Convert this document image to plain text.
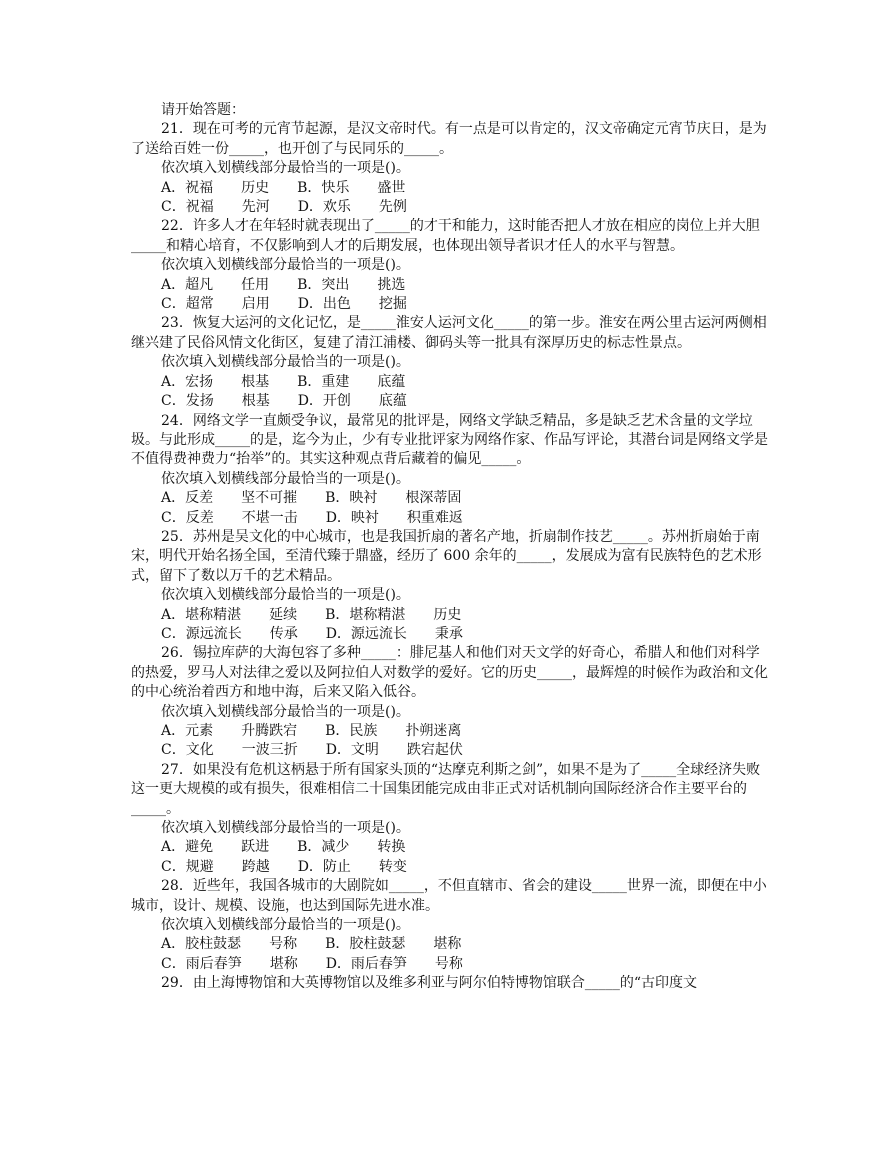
请开始答题：

21．现在可考的元宵节起源，是汉文帝时代。有一点是可以肯定的，汉文帝确定元宵节庆日，是为了送给百姓一份_____，也开创了与民同乐的_____。

依次填入划横线部分最恰当的一项是()。

A．祝福　　历史　　B．快乐　　盛世

C．祝福　　先河　　D．欢乐　　先例

22．许多人才在年轻时就表现出了_____的才干和能力，这时能否把人才放在相应的岗位上并大胆_____和精心培育，不仅影响到人才的后期发展，也体现出领导者识才任人的水平与智慧。

依次填入划横线部分最恰当的一项是()。

A．超凡　　任用　　B．突出　　挑选

C．超常　　启用　　D．出色　　挖掘

23．恢复大运河的文化记忆，是_____淮安人运河文化_____的第一步。淮安在两公里古运河两侧相继兴建了民俗风情文化街区，复建了清江浦楼、御码头等一批具有深厚历史的标志性景点。

依次填入划横线部分最恰当的一项是()。

A．宏扬　　根基　　B．重建　　底蕴

C．发扬　　根基　　D．开创　　底蕴

24．网络文学一直颇受争议，最常见的批评是，网络文学缺乏精品，多是缺乏艺术含量的文学垃圾。与此形成_____的是，迄今为止，少有专业批评家为网络作家、作品写评论，其潜台词是网络文学是不值得费神费力“抬举”的。其实这种观点背后藏着的偏见_____。

依次填入划横线部分最恰当的一项是()。

A．反差　　坚不可摧　　B．映衬　　根深蒂固

C．反差　　不堪一击　　D．映衬　　积重难返

25．苏州是吴文化的中心城市，也是我国折扇的著名产地，折扇制作技艺_____。苏州折扇始于南宋，明代开始名扬全国，至清代臻于鼎盛，经历了 600 余年的_____，发展成为富有民族特色的艺术形式，留下了数以万千的艺术精品。

依次填入划横线部分最恰当的一项是()。

A．堪称精湛　　延续　　B．堪称精湛　　历史

C．源远流长　　传承　　D．源远流长　　秉承

26．锡拉库萨的大海包容了多种_____：腓尼基人和他们对天文学的好奇心，希腊人和他们对科学的热爱，罗马人对法律之爱以及阿拉伯人对数学的爱好。它的历史_____，最辉煌的时候作为政治和文化的中心统治着西方和地中海，后来又陷入低谷。

依次填入划横线部分最恰当的一项是()。

A．元素　　升腾跌宕　　B．民族　　扑朔迷离

C．文化　　一波三折　　D．文明　　跌宕起伏

27．如果没有危机这柄悬于所有国家头顶的“达摩克利斯之剑”，如果不是为了_____全球经济失败这一更大规模的或有损失，很难相信二十国集团能完成由非正式对话机制向国际经济合作主要平台的_____。

依次填入划横线部分最恰当的一项是()。

A．避免　　跃进　　B．减少　　转换

C．规避　　跨越　　D．防止　　转变

28．近些年，我国各城市的大剧院如_____，不但直辖市、省会的建设_____世界一流，即便在中小城市，设计、规模、设施，也达到国际先进水准。

依次填入划横线部分最恰当的一项是()。

A．胶柱鼓瑟　　号称　　B．胶柱鼓瑟　　堪称

C．雨后春笋　　堪称　　D．雨后春笋　　号称

29．由上海博物馆和大英博物馆以及维多利亚与阿尔伯特博物馆联合_____的“古印度文
